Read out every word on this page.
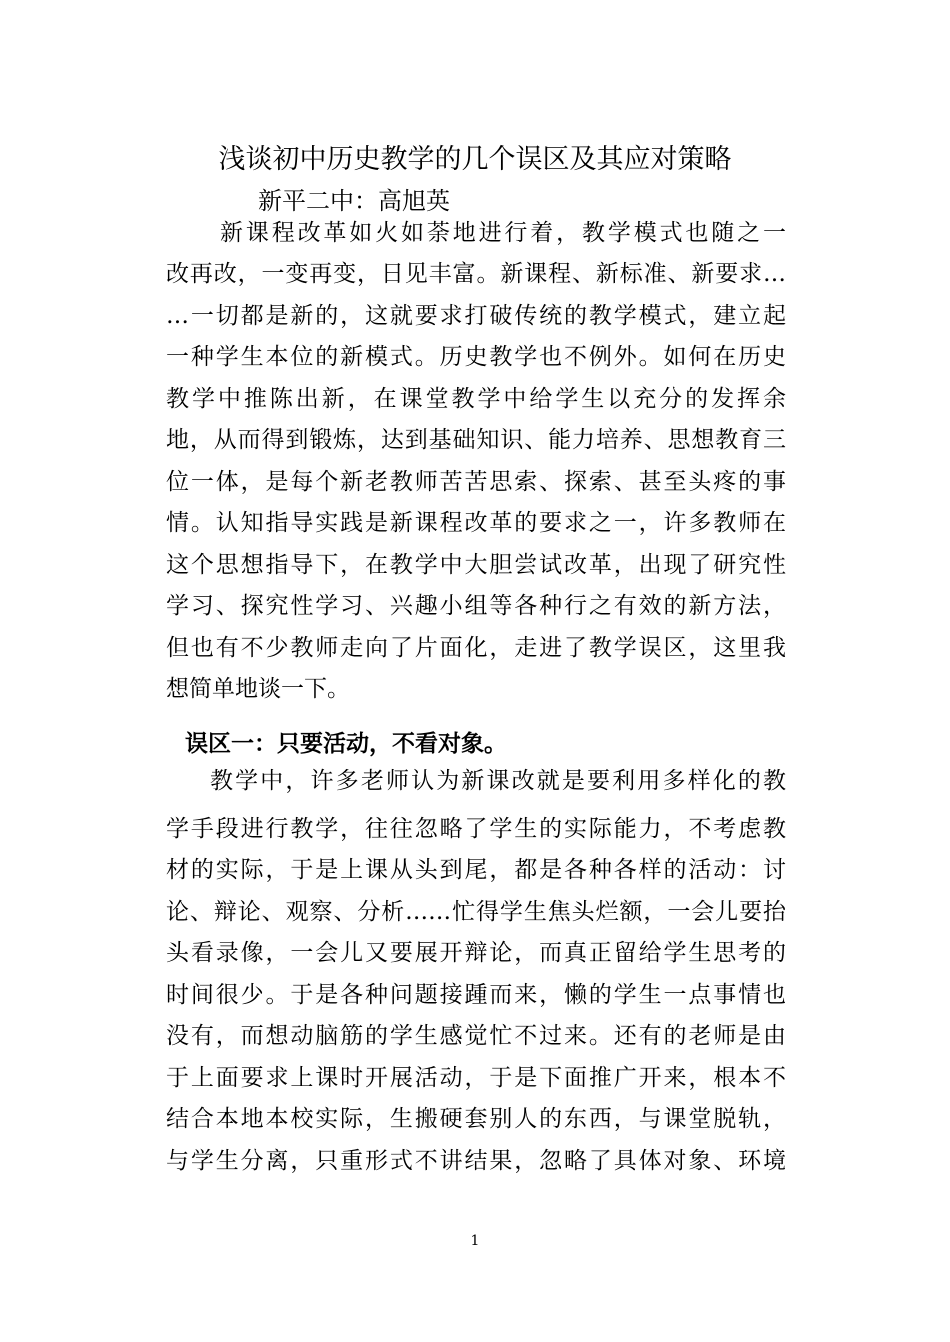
浅谈初中历史教学的几个误区及其应对策略
新平二中：高旭英
新课程改革如火如荼地进行着，教学模式也随之一
改再改，一变再变，日见丰富。新课程、新标准、新要求…
…一切都是新的，这就要求打破传统的教学模式，建立起
一种学生本位的新模式。历史教学也不例外。如何在历史
教学中推陈出新，在课堂教学中给学生以充分的发挥余
地，从而得到锻炼，达到基础知识、能力培养、思想教育三
位一体，是每个新老教师苦苦思索、探索、甚至头疼的事
情。认知指导实践是新课程改革的要求之一，许多教师在
这个思想指导下，在教学中大胆尝试改革，出现了研究性
学习、探究性学习、兴趣小组等各种行之有效的新方法，
但也有不少教师走向了片面化，走进了教学误区，这里我
想简单地谈一下。
误区一：只要活动，不看对象。
教学中，许多老师认为新课改就是要利用多样化的教
学手段进行教学，往往忽略了学生的实际能力，不考虑教
材的实际，于是上课从头到尾，都是各种各样的活动：讨
论、辩论、观察、分析……忙得学生焦头烂额，一会儿要抬
头看录像，一会儿又要展开辩论，而真正留给学生思考的
时间很少。于是各种问题接踵而来，懒的学生一点事情也
没有，而想动脑筋的学生感觉忙不过来。还有的老师是由
于上面要求上课时开展活动，于是下面推广开来，根本不
结合本地本校实际，生搬硬套别人的东西，与课堂脱轨，
与学生分离，只重形式不讲结果，忽略了具体对象、环境
1
